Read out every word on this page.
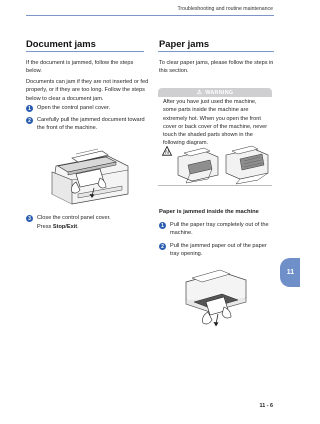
Troubleshooting and routine maintenance
11
Document jams
If the document is jammed, follow the steps below.
Documents can jam if they are not inserted or fed properly, or if they are too long. Follow the steps below to clear a document jam.
1	Open the control panel cover.
2	Carefully pull the jammed document toward the front of the machine.
3	Close the control panel cover.
Press Stop/Exit.
Paper jams
To clear paper jams, please follow the steps in this section.
⚠ WARNING
After you have just used the machine, some parts inside the machine are extremely hot. When you open the front cover or back cover of the machine, never touch the shaded parts shown in the following diagram.
Paper is jammed inside the machine
1	Pull the paper tray completely out of the machine.
2	Pull the jammed paper out of the paper tray opening.
11 - 6
